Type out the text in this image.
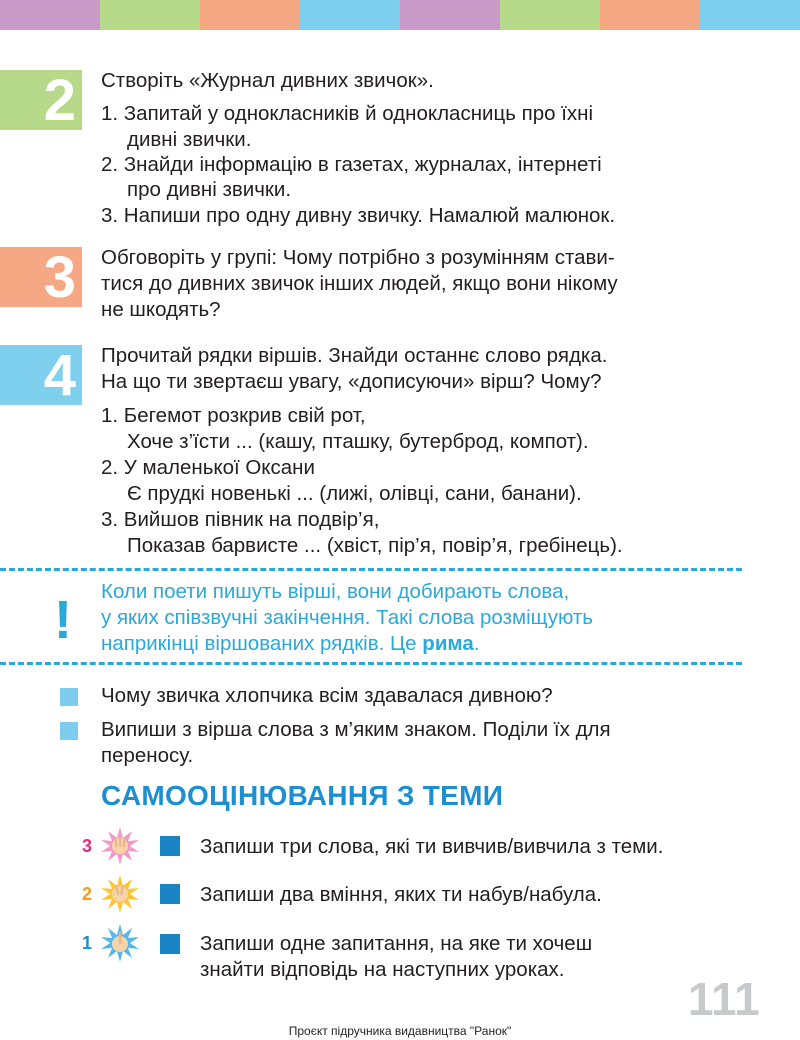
2 Створіть «Журнал дивних звичок».
1. Запитай у однокласників й однокласниць про їхні
дивні звички.
2. Знайди інформацію в газетах, журналах, інтернеті
про дивні звички.
3. Напиши про одну дивну звичку. Намалюй малюнок.
3 Обговоріть у групі: Чому потрібно з розумінням стави-
тися до дивних звичок інших людей, якщо вони нікому
не шкодять?
4 Прочитай рядки віршів. Знайди останнє слово рядка.
На що ти звертаєш увагу, «дописуючи» вірш? Чому?
1. Бегемот розкрив свій рот,
Хоче з’їсти ... (кашу, пташку, бутерброд, компот).
2. У маленької Оксани
Є прудкі новенькі ... (лижі, олівці, сани, банани).
3. Вийшов півник на подвір’я,
Показав барвисте ... (хвіст, пір’я, повір’я, гребінець).
! Коли поети пишуть вірші, вони добирають слова,
у яких співзвучні закінчення. Такі слова розміщують
наприкінці віршованих рядків. Це рима.
Чому звичка хлопчика всім здавалася дивною?
Випиши з вірша слова з м’яким знаком. Поділи їх для
переносу.
САМООЦІНЮВАННЯ З ТЕМИ
3	Запиши три слова, які ти вивчив/вивчила з теми.
2	Запиши два вміння, яких ти набув/набула.
1	Запиши одне запитання, на яке ти хочеш
знайти відповідь на наступних уроках.
111
Проєкт підручника видавництва "Ранок"
